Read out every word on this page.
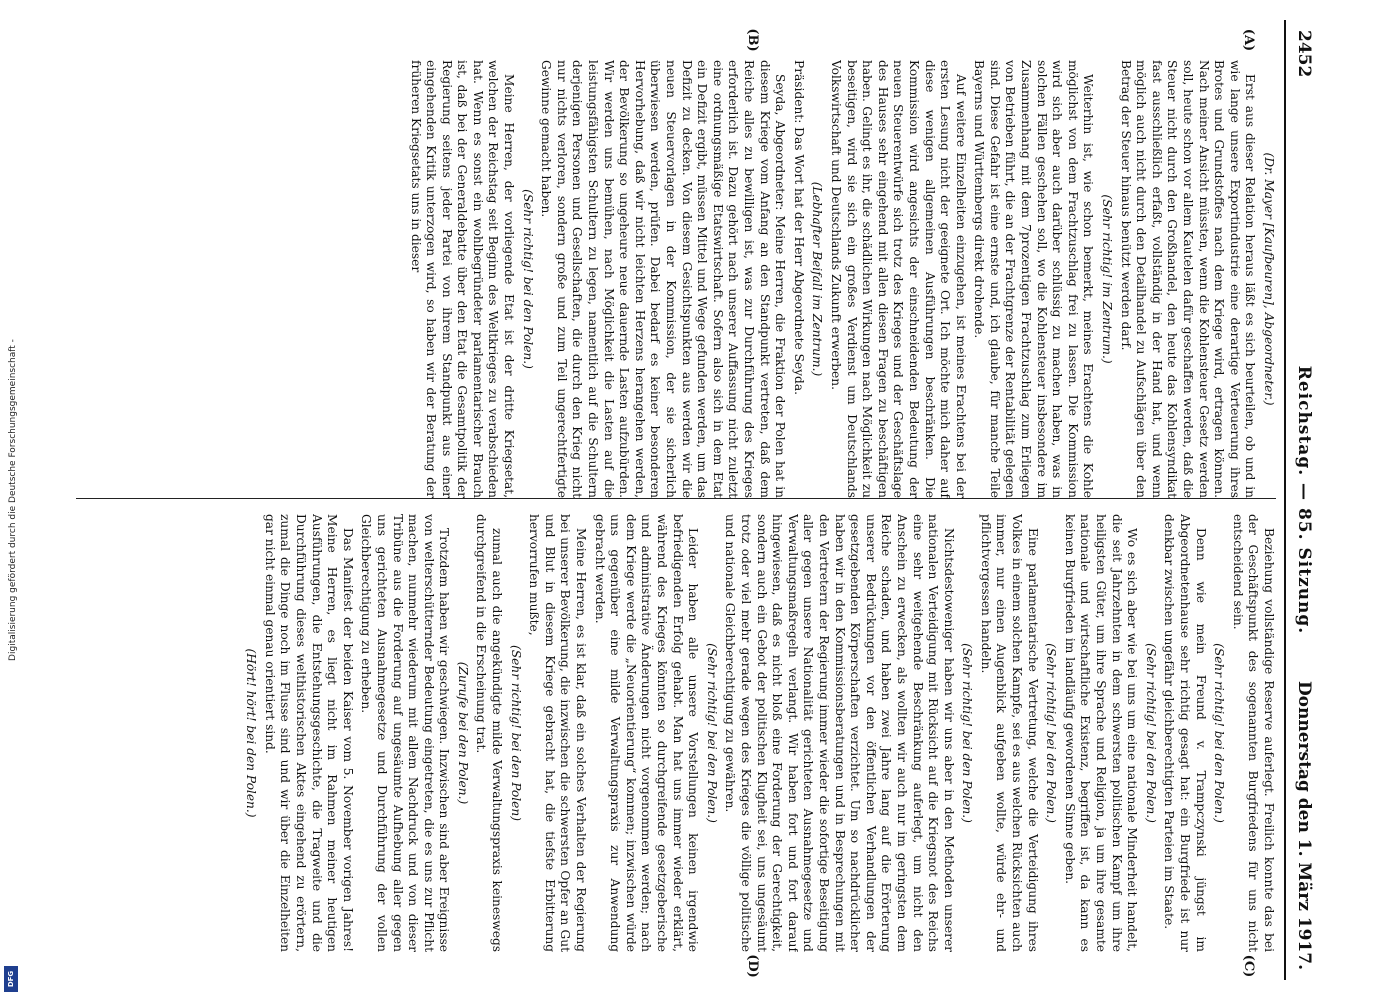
Digitalisierung gefördert durch die Deutsche Forschungsgemeinschaft -
DFG
2452
Reichstag. — 85. Sitzung.
Donnerstag den 1. März 1917.
(A)
(B)
(C)
(D)

(Dr. Mayer [Kaufbeuren], Abgeordneter.)

Erst aus dieser Relation heraus läßt es sich beurteilen, ob und in wie lange unsere Exportindustrie eine derartige Verteuerung ihres Brotes und Grundstoffes nach dem Kriege wird, ertragen können. Nach meiner Ansicht müssten, wenn die Kohlensteuer Gesetz werden soll, heute schon vor allem Kautelen dafür geschaffen werden, daß die Steuer nicht durch den Großhandel, den heute das Kohlensyndikat fast ausschließlich erfaßt, vollständig in der Hand hat, und wenn möglich auch nicht durch den Detailhandel zu Aufschlägen über den Betrag der Steuer hinaus benützt werden darf.

(Sehr richtig! im Zentrum.)

Weiterhin ist, wie schon bemerkt, meines Erachtens die Kohle möglichst von dem Frachtzuschlag frei zu lassen. Die Kommission wird sich aber auch darüber schlüssig zu machen haben, was in solchen Fällen geschehen soll, wo die Kohlensteuer insbesondere im Zusammenhang mit dem 7prozentigen Frachtzuschlag zum Erliegen von Betrieben führt, die an der Frachtgrenze der Rentabilität gelegen sind. Diese Gefahr ist eine ernste und, ich glaube, für manche Teile Bayerns und Württembergs direkt drohende.

Auf weitere Einzelheiten einzugehen, ist meines Erachtens bei der ersten Lesung nicht der geeignete Ort. Ich möchte mich daher auf diese wenigen allgemeinen Ausführungen beschränken. Die Kommission wird angesichts der einschneidenden Bedeutung der neuen Steuerentwürfe sich trotz des Krieges und der Geschäftslage des Hauses sehr eingehend mit allen diesen Fragen zu beschäftigen haben. Gelingt es ihr, die schädlichen Wirkungen nach Möglichkeit zu beseitigen, wird sie sich ein großes Verdienst um Deutschlands Volkswirtschaft und Deutschlands Zukunft erwerben.

(Lebhafter Beifall im Zentrum.)

Präsident: Das Wort hat der Herr Abgeordnete Seyda.

Seyda, Abgeordneter: Meine Herren, die Fraktion der Polen hat in diesem Kriege vom Anfang an den Standpunkt vertreten, daß dem Reiche alles zu bewilligen ist, was zur Durchführung des Krieges erforderlich ist. Dazu gehört nach unserer Auffassung nicht zuletzt eine ordnungsmäßige Etatswirtschaft. Sofern also sich in dem Etat ein Defizit ergibt, müssen Mittel und Wege gefunden werden, um das Defizit zu decken. Von diesem Gesichtspunkten aus werden wir die neuen Steuervorlagen in der Kommission, der sie sicherlich überwiesen werden, prüfen. Dabei bedarf es keiner besonderen Hervorhebung, daß wir nicht leichten Herzens herangehen werden, der Bevölkerung so ungeheure neue dauernde Lasten aufzubürden. Wir werden uns bemühen, nach Möglichkeit die Lasten auf die leistungsfähigsten Schultern zu legen, namentlich auf die Schultern derjenigen Personen und Gesellschaften, die durch den Krieg nicht nur nichts verloren, sondern große und zum Teil ungerechtfertigte Gewinne gemacht haben.

(Sehr richtig! bei den Polen.)

Meine Herren, der vorliegende Etat ist der dritte Kriegsetat, welchen der Reichstag seit Beginn des Weltkrieges zu verabschieden hat. Wenn es sonst ein wohlbegründeter parlamentarischer Brauch ist, daß bei der Generaldebatte über den Etat die Gesamtpolitik der Regierung seitens jeder Partei von ihrem Standpunkt aus einer eingehenden Kritik unterzogen wird, so haben wir der Beratung der früheren Kriegsetats uns in dieser

Beziehung vollständige Reserve auferlegt. Freilich konnte das bei der Geschäftspunkt des sogenannten Burgfriedens für uns nicht entscheidend sein.

(Sehr richtig! bei den Polen.)

Denn wie mein Freund v. Trampczynski jüngst im Abgeordnetenhause sehr richtig gesagt hat: ein Burgfriede ist nur denkbar zwischen ungefähr gleichberechtigten Parteien im Staate.

(Sehr richtig! bei den Polen.)

Wo es sich aber wie bei uns um eine nationale Minderheit handelt, die seit Jahrzehnten in dem schwersten politischen Kampf um ihre heiligsten Güter, um ihre Sprache und Religion, ja um ihre gesamte nationale und wirtschaftliche Existenz, begriffen ist, da kann es keinen Burgfrieden im landläufig gewordenen Sinne geben.

(Sehr richtig! bei den Polen.)

Eine parlamentarische Vertretung, welche die Verteidigung ihres Volkes in einem solchen Kampfe, sei es aus welchen Rücksichten auch immer, nur einen Augenblick aufgeben wollte, würde ehr- und pflichtvergessen handeln.

(Sehr richtig! bei den Polen.)

Nichtsdestoweniger haben wir uns aber in den Methoden unserer nationalen Verteidigung mit Rücksicht auf die Kriegsnot des Reichs eine sehr weitgehende Beschränkung auferlegt, um nicht den Anschein zu erwecken, als wollten wir auch nur im geringsten dem Reiche schaden, und haben zwei Jahre lang auf die Erörterung unserer Bedrückungen vor den öffentlichen Verhandlungen der gesetzgebenden Körperschaften verzichtet. Um so nachdrücklicher haben wir in den Kommissionsberatungen und in Besprechungen mit den Vertretern der Regierung immer wieder die sofortige Beseitigung aller gegen unsere Nationalität gerichteten Ausnahmegesetze und Verwaltungsmaßregeln verlangt. Wir haben fort und fort darauf hingewiesen, daß es nicht bloß eine Forderung der Gerechtigkeit, sondern auch ein Gebot der politischen Klugheit sei, uns ungesäumt trotz oder viel mehr gerade wegen des Krieges die völlige politische und nationale Gleichberechtigung zu gewähren.

(Sehr richtig! bei den Polen.)

Leider haben alle unsere Vorstellungen keinen irgendwie befriedigenden Erfolg gehabt. Man hat uns immer wieder erklärt, während des Krieges könnten so durchgreifende gesetzgeberische und administrative Änderungen nicht vorgenommen werden; nach dem Kriege werde die „Neuorientierung“ kommen; inzwischen würde uns gegenüber eine milde Verwaltungspraxis zur Anwendung gebracht werden.

Meine Herren, es ist klar, daß ein solches Verhalten der Regierung bei unserer Bevölkerung, die inzwischen die schwersten Opfer an Gut und Blut in diesem Kriege gebracht hat, die tiefste Erbitterung hervorrufen mußte,

(Sehr richtig! bei den Polen)

zumal auch die angekündigte milde Verwaltungspraxis keineswegs durchgreifend in die Erscheinung trat.

(Zurufe bei den Polen.)

Trotzdem haben wir geschwiegen. Inzwischen sind aber Ereignisse von welterschütternder Bedeutung eingetreten, die es uns zur Pflicht machen, nunmehr wiederum mit allem Nachdruck und von dieser Tribüne aus die Forderung auf ungesäumte Aufhebung aller gegen uns gerichteten Ausnahmegesetze und Durchführung der vollen Gleichberechtigung zu erheben.

Das Manifest der beiden Kaiser vom 5. November vorigen Jahres! Meine Herren, es liegt nicht im Rahmen meiner heutigen Ausführungen, die Entstehungsgeschichte, die Tragweite und die Durchführung dieses welthistorischen Aktes eingehend zu erörtern, zumal die Dinge noch im Flusse sind und wir über die Einzelheiten gar nicht einmal genau orientiert sind.

(Hört! hört! bei den Polen.)
